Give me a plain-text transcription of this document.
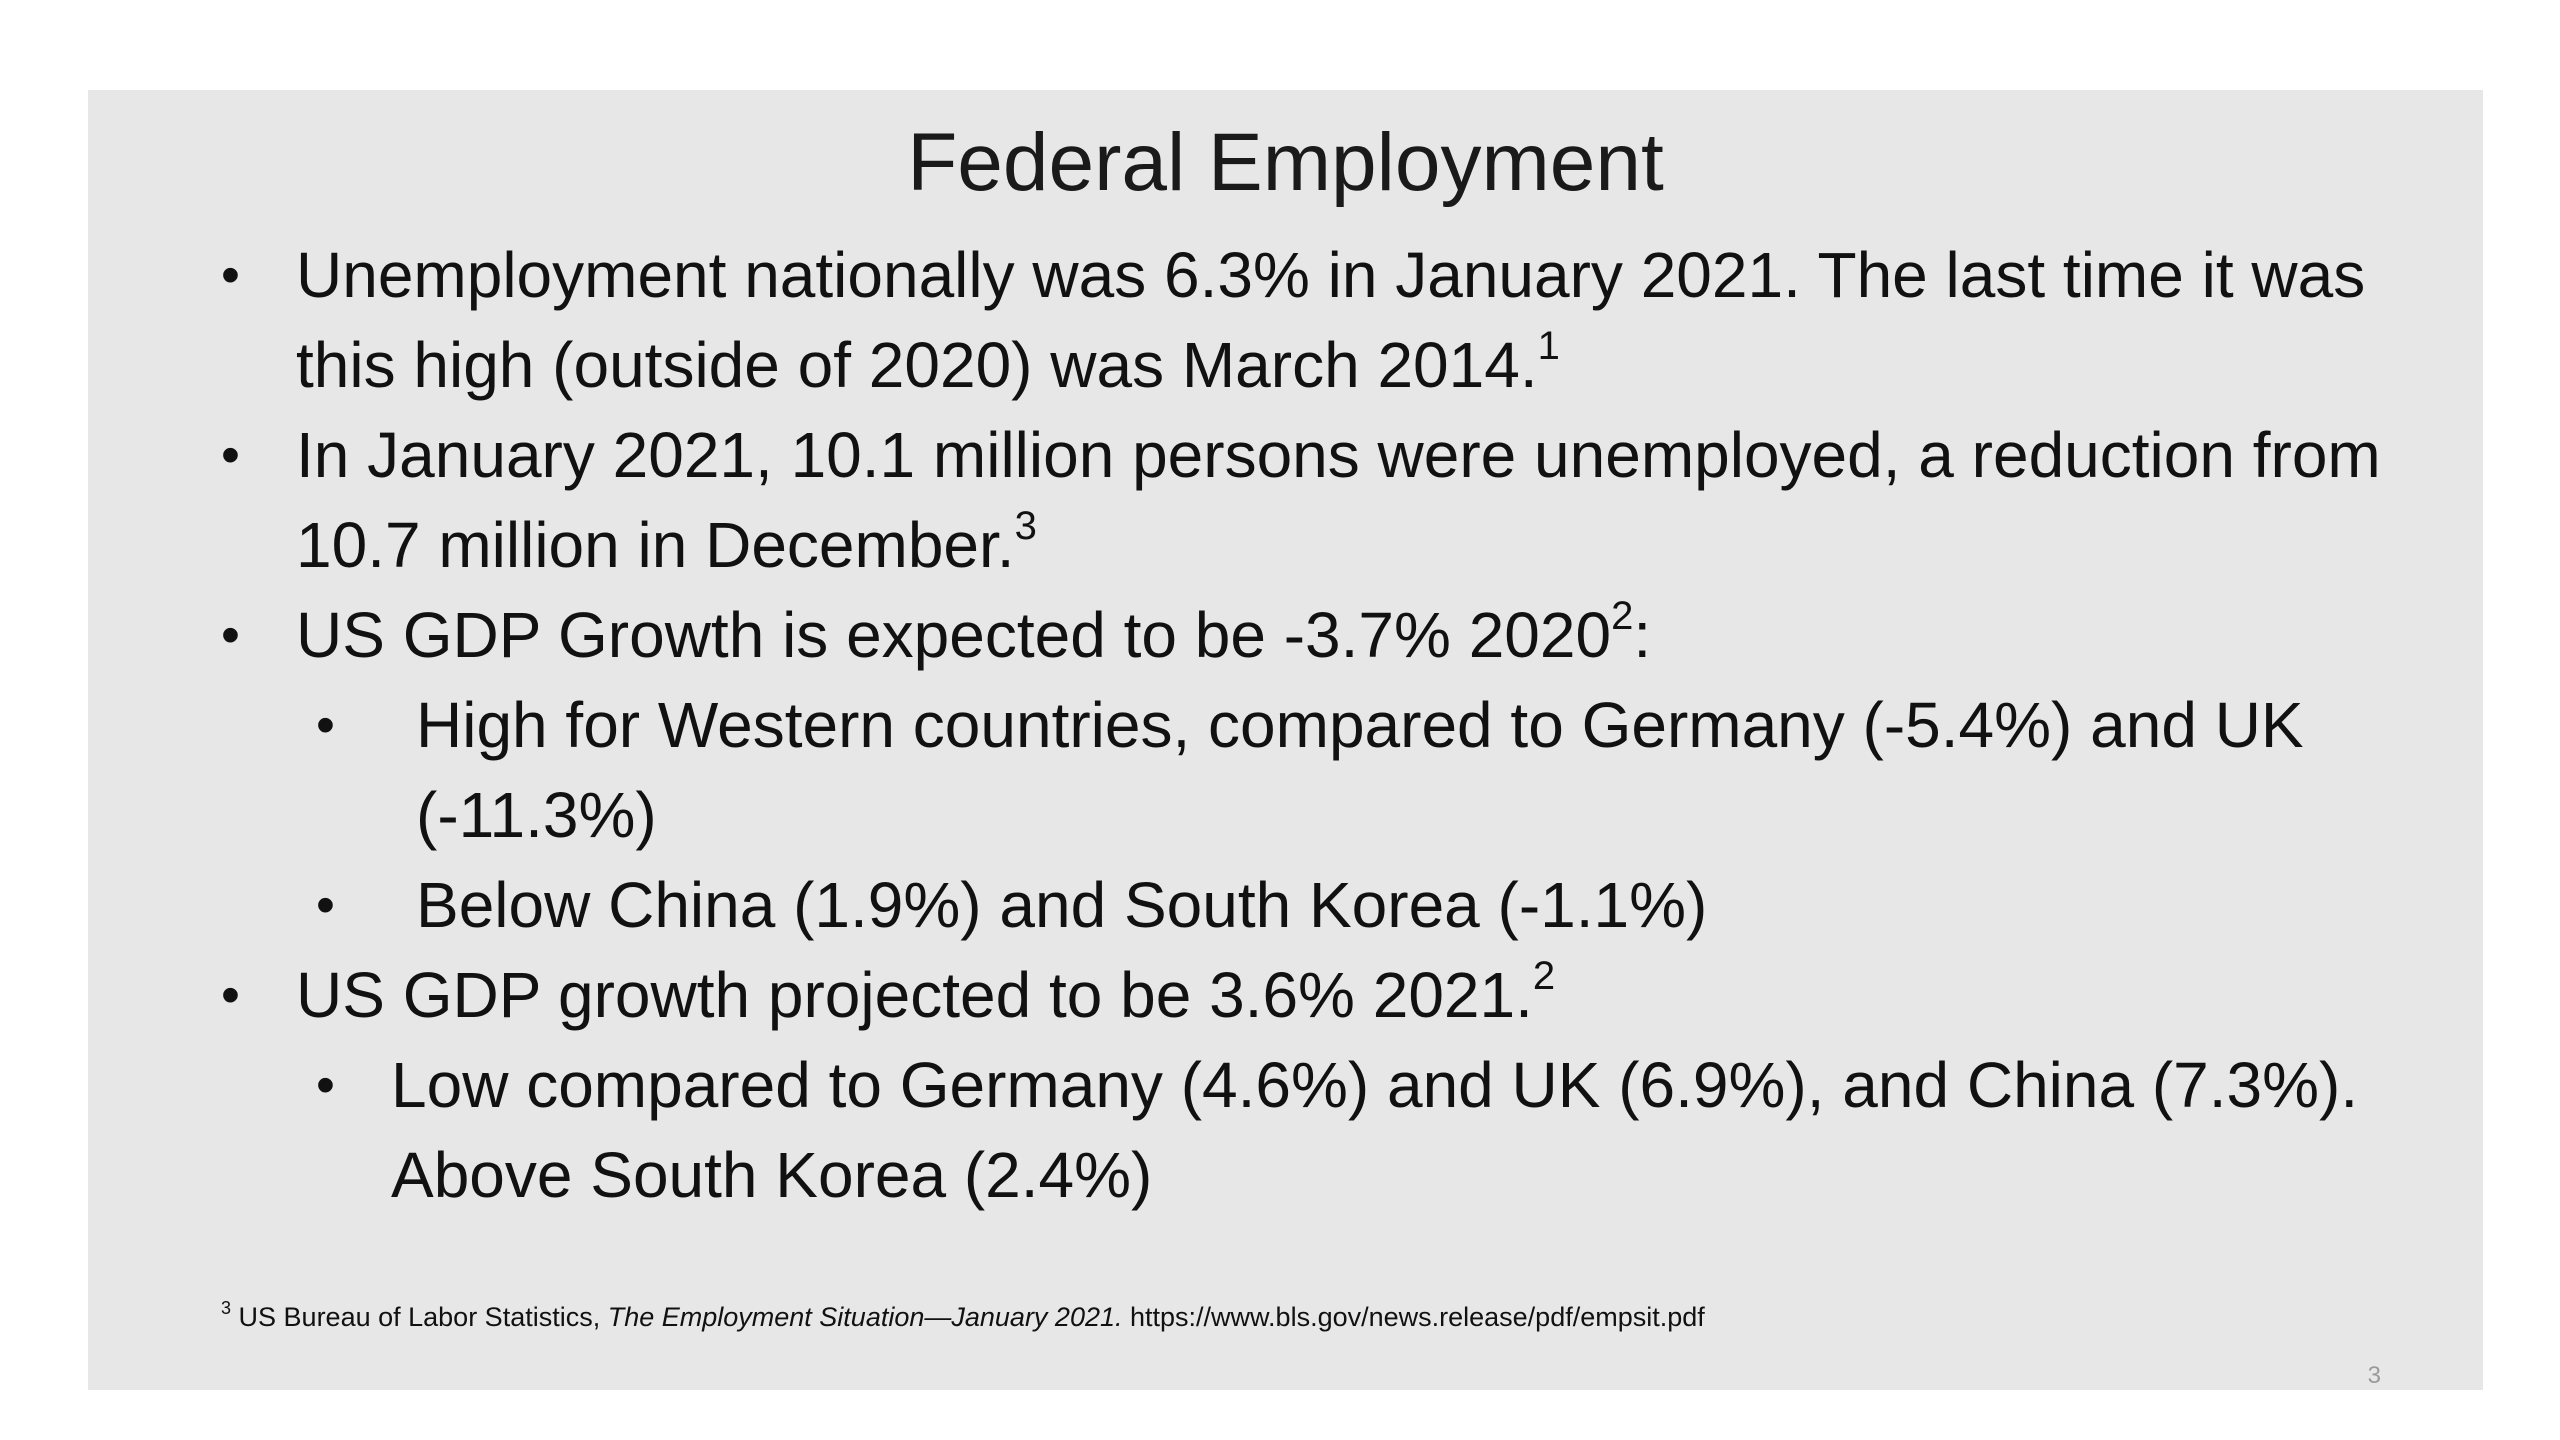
Federal Employment
• Unemployment nationally was 6.3% in January 2021. The last time it was this high (outside of 2020) was March 2014.$^1$
• In January 2021, 10.1 million persons were unemployed, a reduction from 10.7 million in December.$^3$
• US GDP Growth is expected to be -3.7% 2020$^2$:
• High for Western countries, compared to Germany (-5.4%) and UK (-11.3%)
• Below China (1.9%) and South Korea (-1.1%)
• US GDP growth projected to be 3.6% 2021.$^2$
• Low compared to Germany (4.6%) and UK (6.9%), and China (7.3%). Above South Korea (2.4%)
$^3$ US Bureau of Labor Statistics, The Employment Situation—January 2021. https://www.bls.gov/news.release/pdf/empsit.pdf
3
